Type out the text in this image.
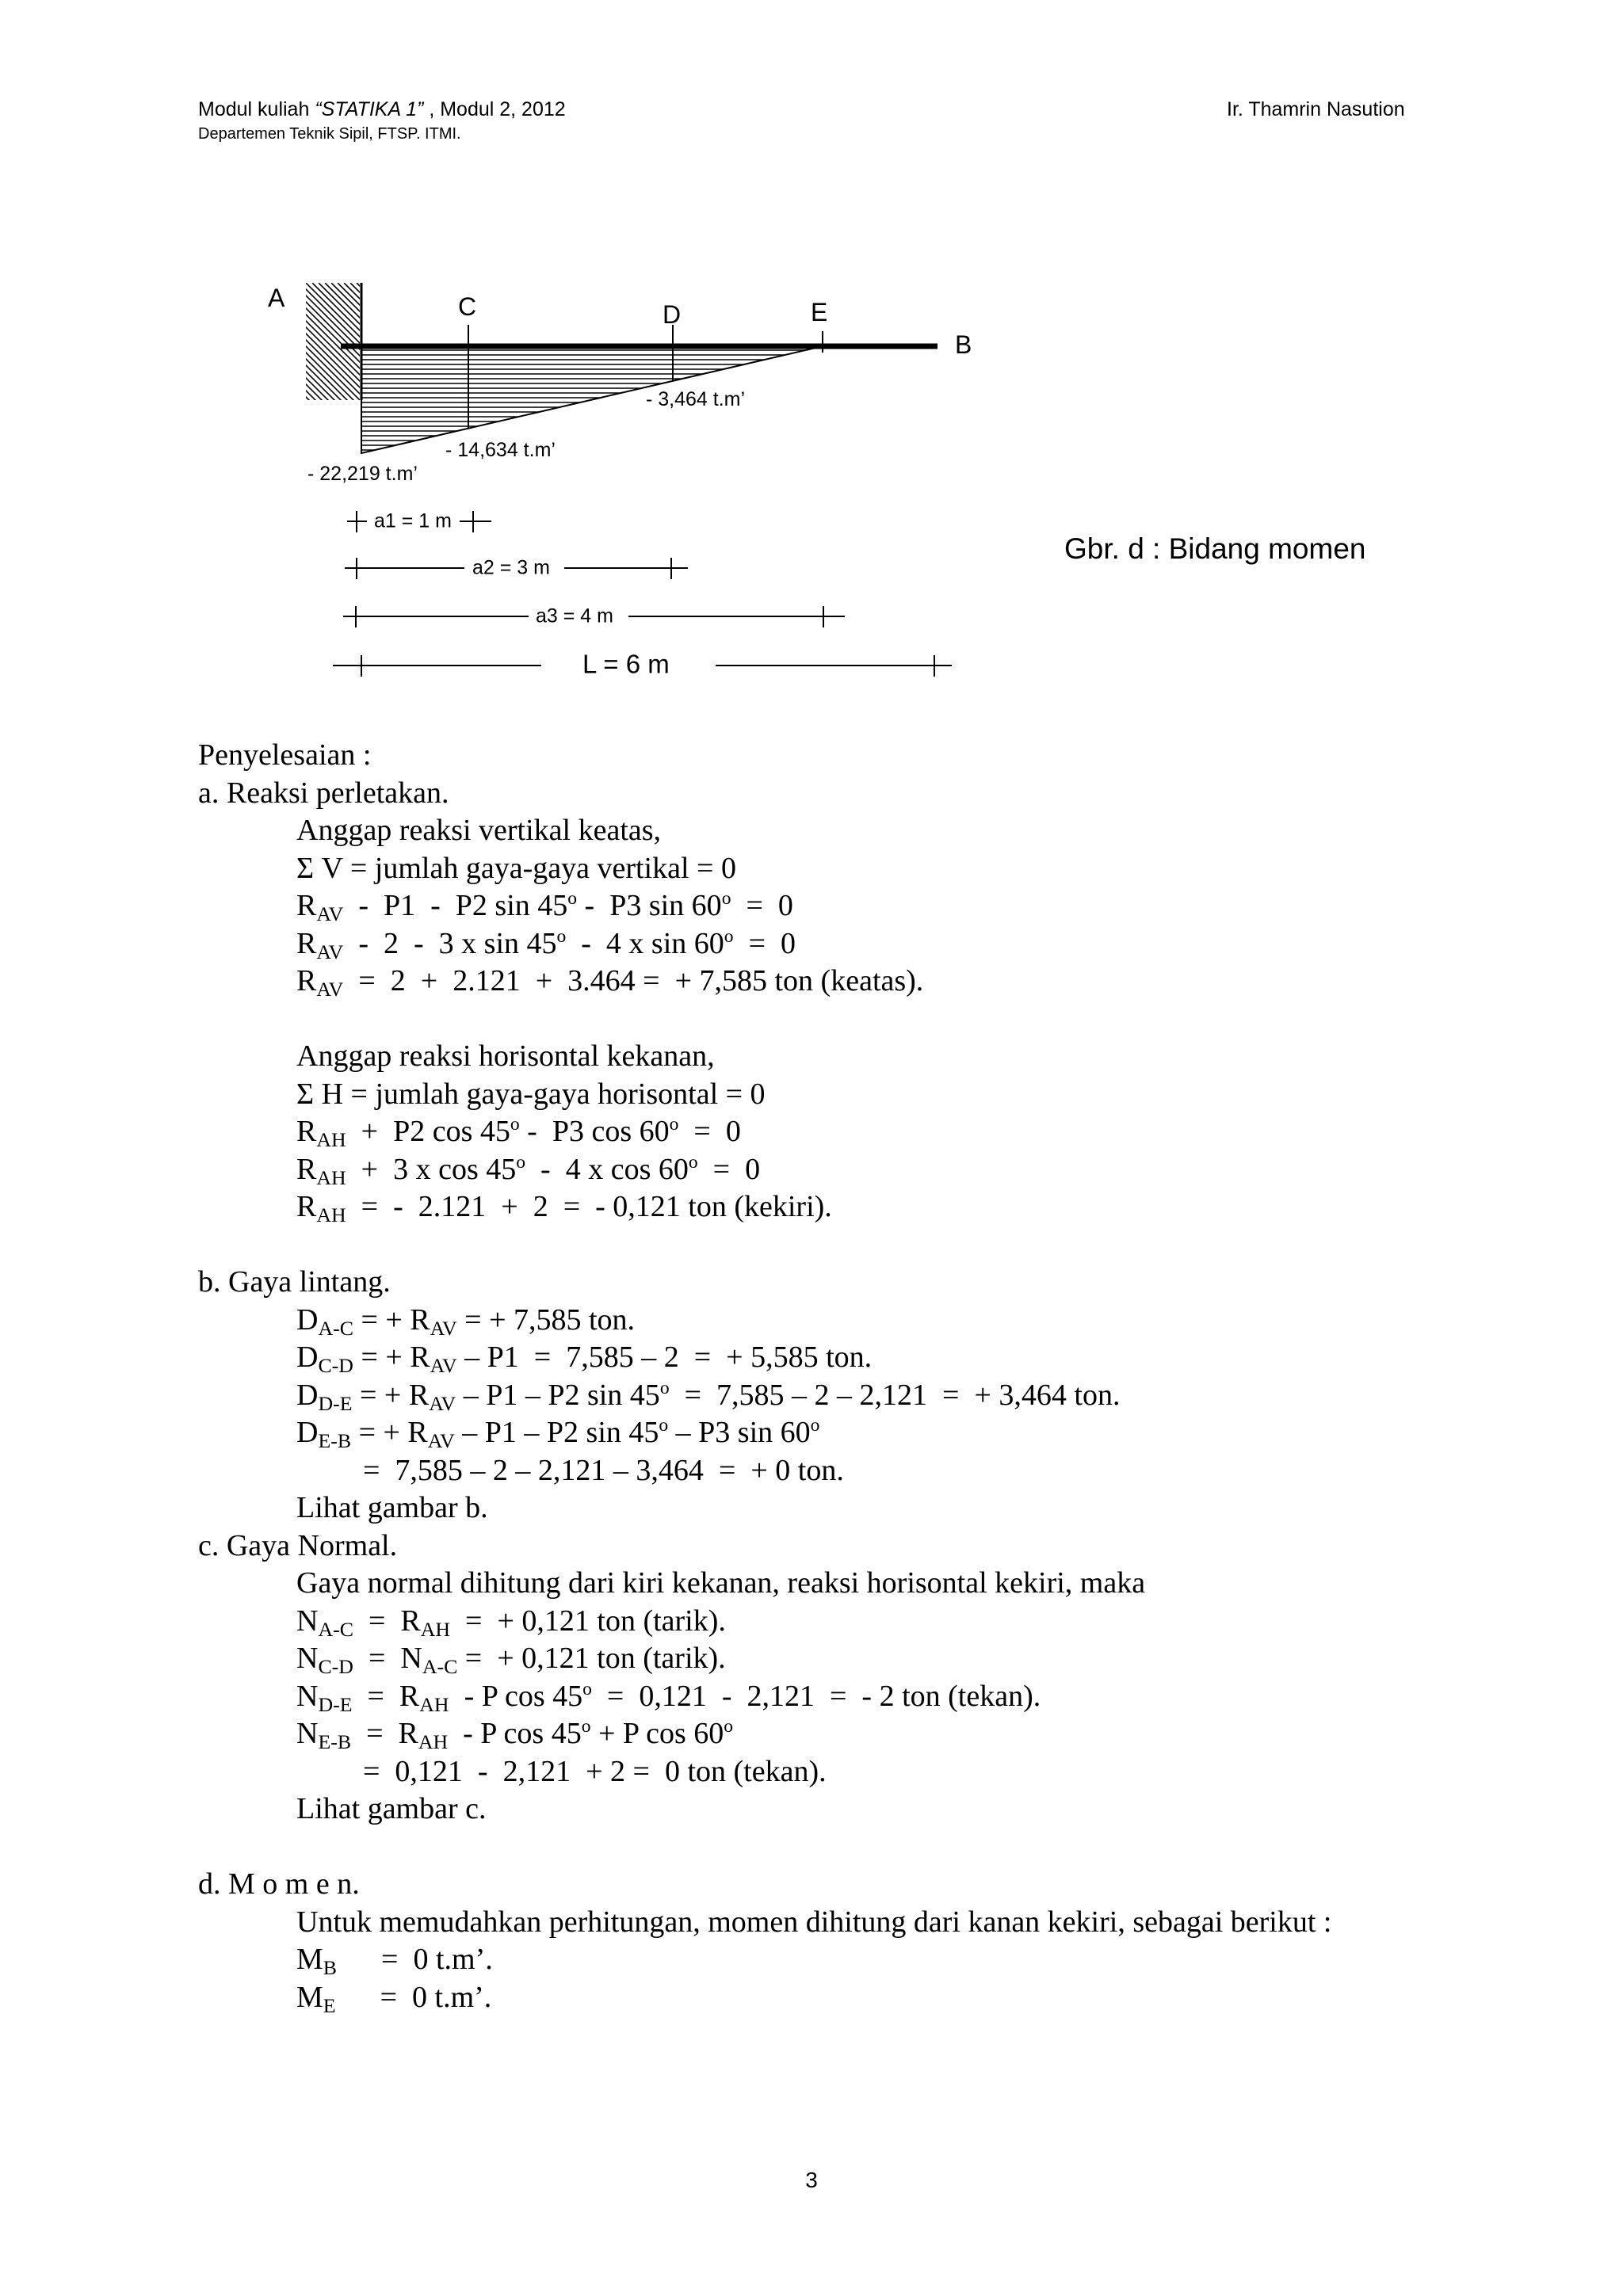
Modul kuliah “STATIKA 1” , Modul 2, 2012
Departemen Teknik Sipil, FTSP. ITMI.
Ir. Thamrin Nasution
A	C	D	E
B
- 22,219 t.m’
- 14,634 t.m’
- 3,464 t.m’
a1 = 1 m
a2 = 3 m
a3 = 4 m
L = 6 m
Gbr. d : Bidang momen
Penyelesaian :
a. Reaksi perletakan.
Anggap reaksi vertikal keatas,
Σ V = jumlah gaya-gaya vertikal = 0
$R_{AV} - P1 - P2$ sin 45$^o$ -  P3 sin 60$^o$  =  0
$R_{AV} - 2 - 3$ x sin 45$^o$  -  4 x sin 60$^o$  =  0
$R_{AV} = 2 + 2.121 + 3.464$ =  + 7,585 ton (keatas).
Anggap reaksi horisontal kekanan,
Σ H = jumlah gaya-gaya horisontal = 0
$R_{AH} + P2$ cos 45$^o$ -  P3 cos 60$^o$  =  0
$R_{AH} + 3$ x cos 45$^o$  -  4 x cos 60$^o$  =  0
$R_{AH}$  =  -  2.121  +  2  =  - 0,121 ton (kekiri).
b. Gaya lintang.
$D_{A-C}$ = + $R_{AV}$ = + 7,585 ton.
$D_{C-D}$ = + $R_{AV} - P1 = 7,585 - 2$  =  + 5,585 ton.
$D_{D-E}$ = + $R_{AV} - P1 - P2$ sin 45$^o$  =  7,585 – 2 – 2,121  =  + 3,464 ton.
$D_{E-B}$ = + $R_{AV} - P1 - P2$ sin 45$^o$ – P3 $\sin 60^o$
=  7,585 – 2 – 2,121 – 3,464  =  + 0 ton.
Lihat gambar b.
c. Gaya Normal.
Gaya normal dihitung dari kiri kekanan, reaksi horisontal kekiri, maka
$N_{A-C} = R_{AH}$  =  + 0,121 ton (tarik).
$N_{C-D} = N_{A-C}$ =  + 0,121 ton (tarik).
$N_{D-E} = R_{AH} - P$ cos 45$^o$  =  0,121  -  2,121  =  - 2 ton (tekan).
$N_{E-B} = R_{AH} - P$ $\cos 45^o + P$ $\cos 60^o$
=  0,121  -  2,121  + 2 =  0 ton (tekan).
Lihat gambar c.
d. M o m e n.
Untuk memudahkan perhitungan, momen dihitung dari kanan kekiri, sebagai berikut :
$M_B = 0$ t.m’.
$M_E = 0$ t.m’.
3
